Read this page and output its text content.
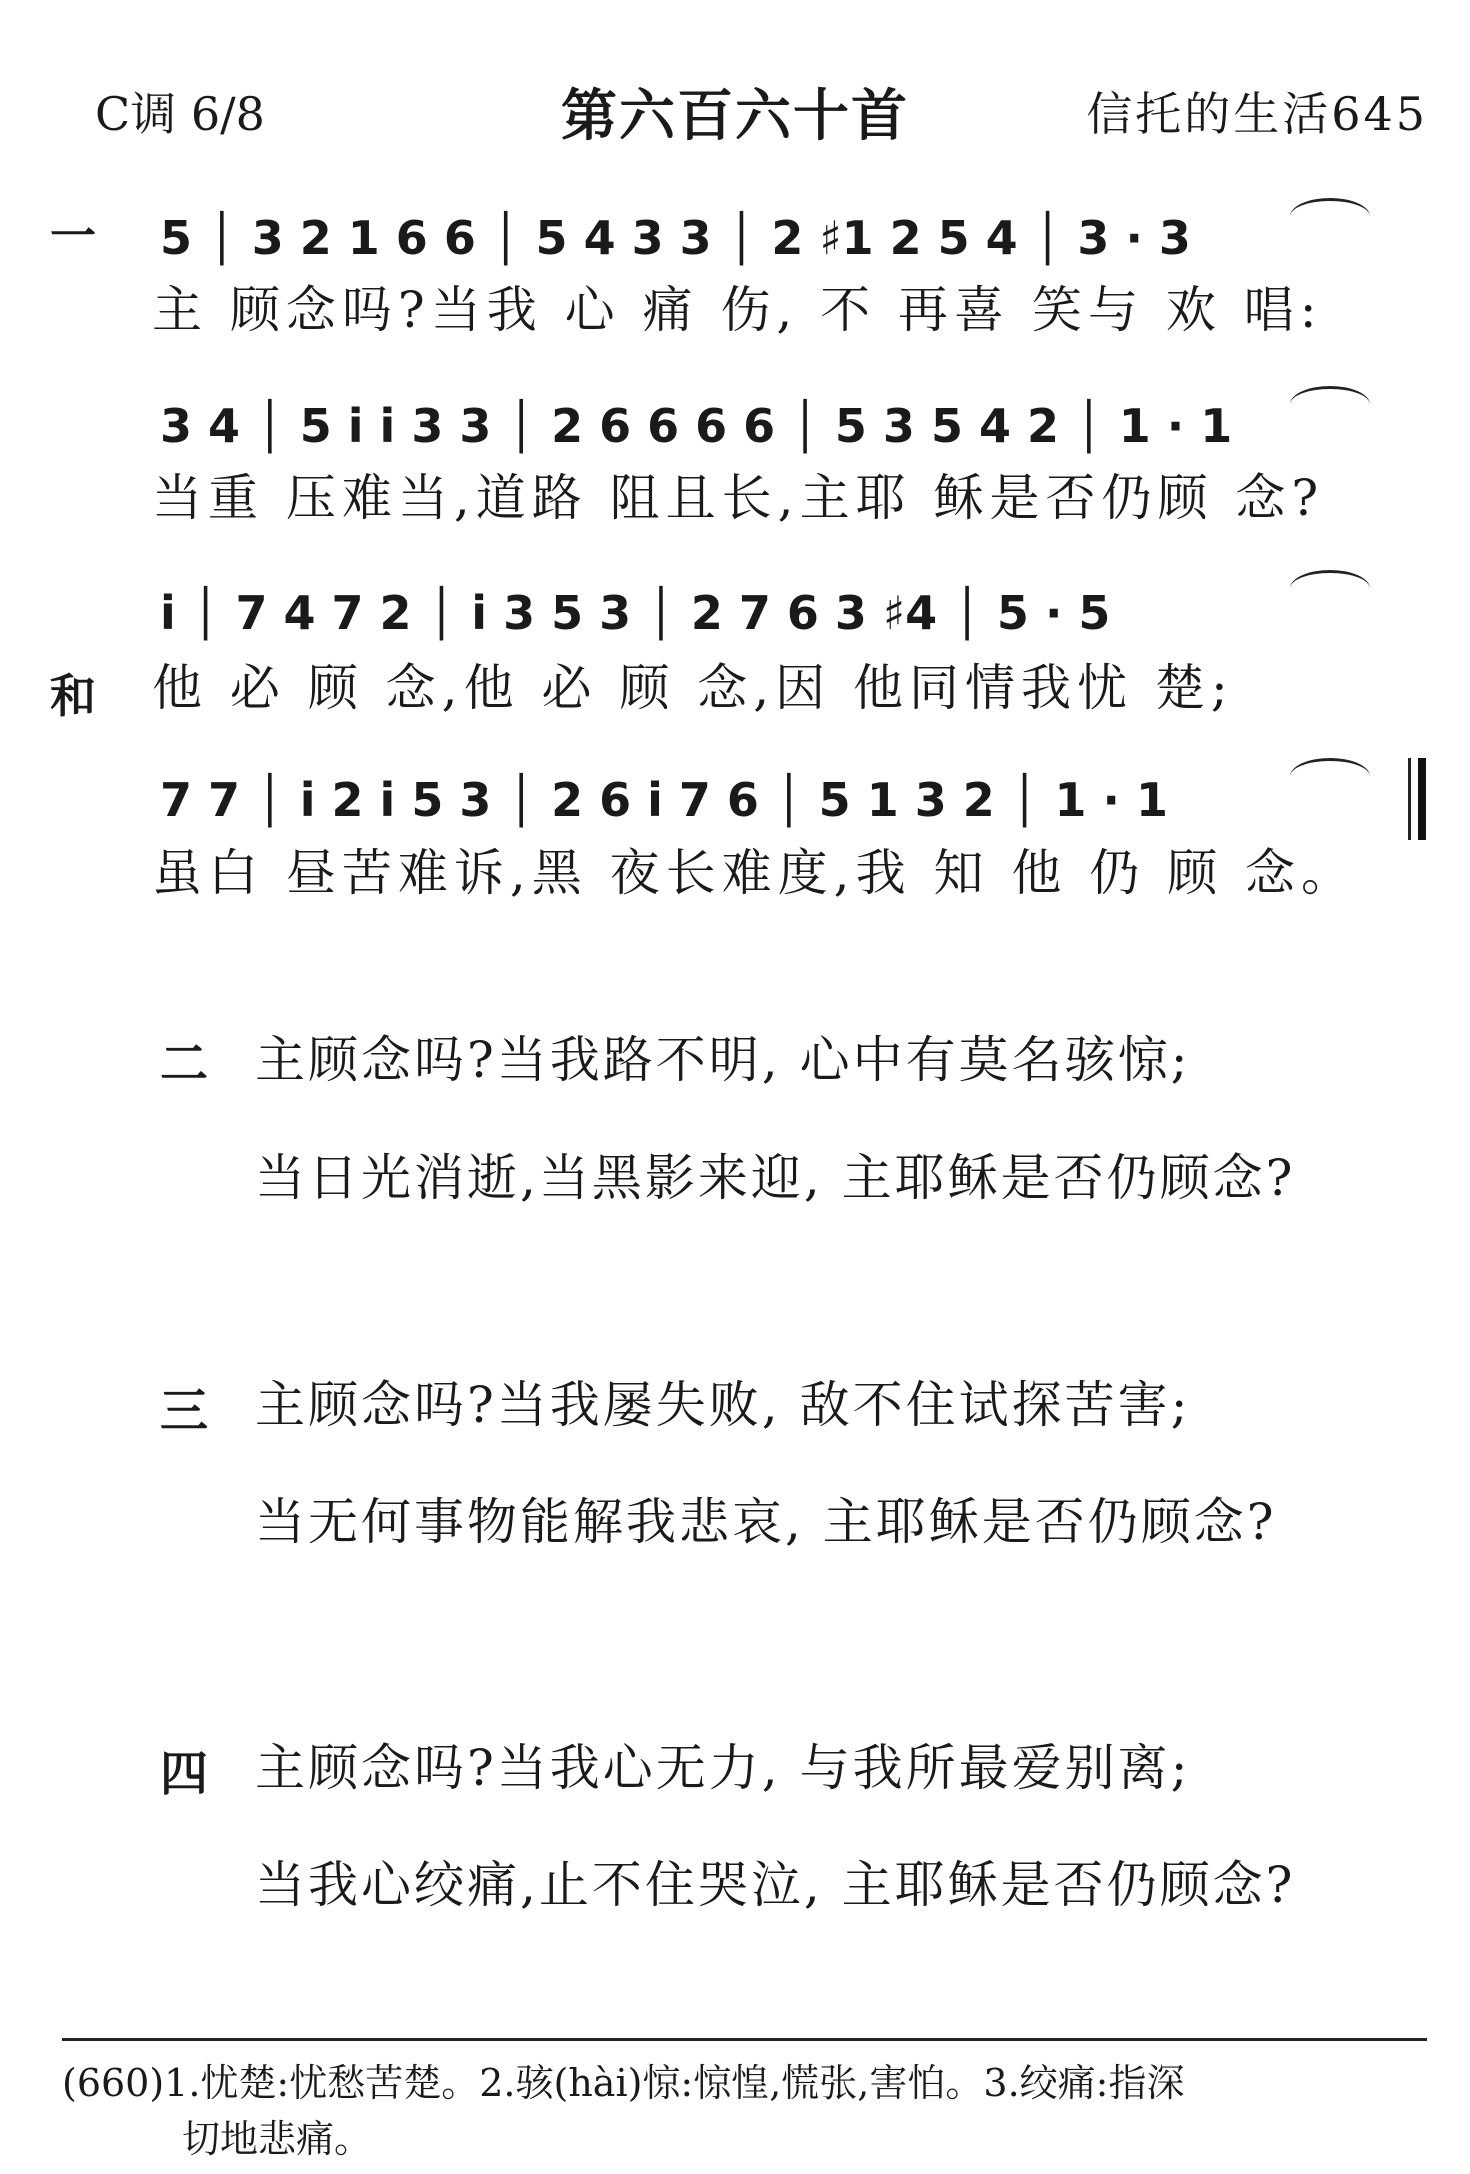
C调 6/8	第六百六十首	信托的生活645
一
和
5 │ 3 2 1 6 6 │ 5 4 3 3 │ 2 ♯1 2 5 4 │ 3 · 3
主 顾念吗?当我 心 痛 伤, 不 再喜 笑与 欢 唱:
3 4 │ 5 i i 3 3 │ 2 6 6 6 6 │ 5 3 5 4 2 │ 1 · 1
当重 压难当,道路 阻且长,主耶 稣是否仍顾 念?
i │ 7 4 7 2 │ i 3 5 3 │ 2 7 6 3 ♯4 │ 5 · 5
他 必 顾 念,他 必 顾 念,因 他同情我忧 楚;
7 7 │ i 2 i 5 3 │ 2 6 i 7 6 │ 5 1 3 2 │ 1 · 1
虽白 昼苦难诉,黑 夜长难度,我 知 他 仍 顾 念。
二 主顾念吗?当我路不明, 心中有莫名骇惊;
当日光消逝,当黑影来迎, 主耶稣是否仍顾念?
三 主顾念吗?当我屡失败, 敌不住试探苦害;
当无何事物能解我悲哀, 主耶稣是否仍顾念?
四 主顾念吗?当我心无力, 与我所最爱别离;
当我心绞痛,止不住哭泣, 主耶稣是否仍顾念?
(660)1.忧楚:忧愁苦楚。2.骇(hài)惊:惊惶,慌张,害怕。3.绞痛:指深
切地悲痛。
